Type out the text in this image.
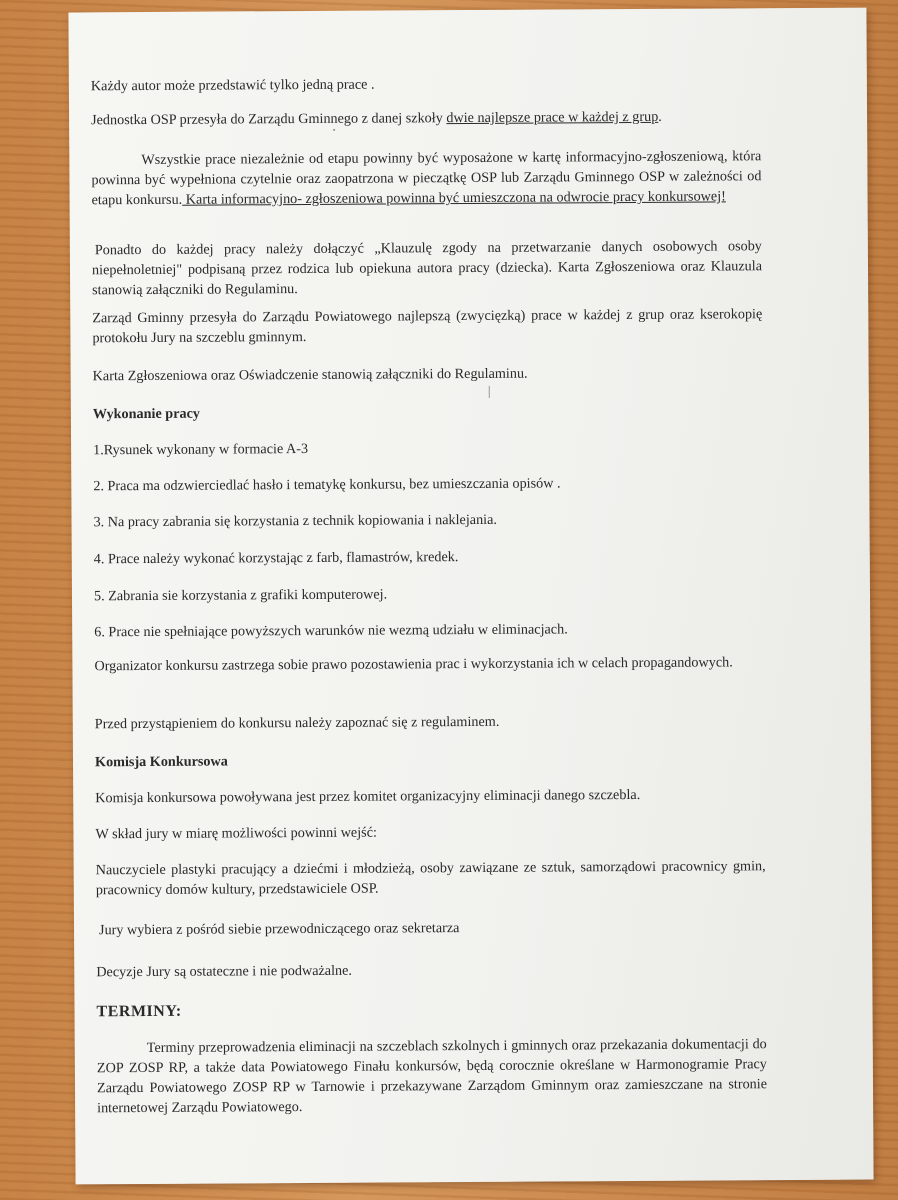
Każdy autor może przedstawić tylko jedną prace .

Jednostka OSP przesyła do Zarządu Gminnego z danej szkoły dwie najlepsze prace w każdej z grup.

Wszystkie prace niezależnie od etapu powinny być wyposażone w kartę informacyjno-zgłoszeniową, która powinna być wypełniona czytelnie oraz zaopatrzona w pieczątkę OSP lub Zarządu Gminnego OSP w zależności od etapu konkursu. Karta informacyjno- zgłoszeniowa powinna być umieszczona na odwrocie pracy konkursowej!

Ponadto do każdej pracy należy dołączyć „Klauzulę zgody na przetwarzanie danych osobowych osoby niepełnoletniej" podpisaną przez rodzica lub opiekuna autora pracy (dziecka). Karta Zgłoszeniowa oraz Klauzula stanowią załączniki do Regulaminu.

Zarząd Gminny przesyła do Zarządu Powiatowego najlepszą (zwycięzką) prace w każdej z grup oraz kserokopię protokołu Jury na szczeblu gminnym.

Karta Zgłoszeniowa oraz Oświadczenie stanowią załączniki do Regulaminu.

Wykonanie pracy

1.Rysunek wykonany w formacie A-3

2. Praca ma odzwierciedlać hasło i tematykę konkursu, bez umieszczania opisów .

3. Na pracy zabrania się korzystania z technik kopiowania i naklejania.

4. Prace należy wykonać korzystając z farb, flamastrów, kredek.

5. Zabrania sie korzystania z grafiki komputerowej.

6. Prace nie spełniające powyższych warunków nie wezmą udziału w eliminacjach.

Organizator konkursu zastrzega sobie prawo pozostawienia prac i wykorzystania ich w celach propagandowych.

Przed przystąpieniem do konkursu należy zapoznać się z regulaminem.

Komisja Konkursowa

Komisja konkursowa powoływana jest przez komitet organizacyjny eliminacji danego szczebla.

W skład jury w miarę możliwości powinni wejść:

Nauczyciele plastyki pracujący a dziećmi i młodzieżą, osoby zawiązane ze sztuk, samorządowi pracownicy gmin, pracownicy domów kultury, przedstawiciele OSP.

Jury wybiera z pośród siebie przewodniczącego oraz sekretarza

Decyzje Jury są ostateczne i nie podważalne.

TERMINY:

Terminy przeprowadzenia eliminacji na szczeblach szkolnych i gminnych oraz przekazania dokumentacji do ZOP ZOSP RP, a także data Powiatowego Finału konkursów, będą corocznie określane w Harmonogramie Pracy Zarządu Powiatowego ZOSP RP w Tarnowie i przekazywane Zarządom Gminnym oraz zamieszczane na stronie internetowej Zarządu Powiatowego.
